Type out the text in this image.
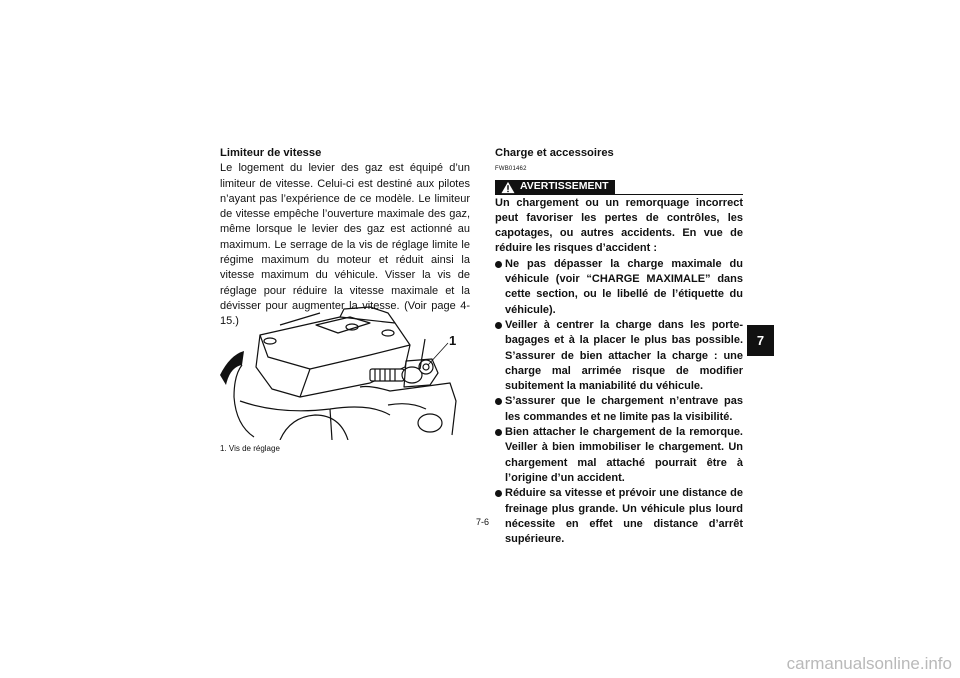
Limiteur de vitesse
Le logement du levier des gaz est équipé d’un limiteur de vitesse. Celui-ci est destiné aux pilotes n’ayant pas l’expérience de ce modèle. Le limiteur de vitesse empêche l’ouverture maximale des gaz, même lorsque le levier des gaz est actionné au maximum. Le serrage de la vis de réglage limite le régime maximum du moteur et réduit ainsi la vitesse maximum du véhicule. Visser la vis de réglage pour réduire la vitesse maximale et la dévisser pour augmenter la vitesse. (Voir page 4-15.)
1
1. Vis de réglage
Charge et accessoires
FWB01462
AVERTISSEMENT
Un chargement ou un remorquage incorrect peut favoriser les pertes de contrôles, les capotages, ou autres accidents. En vue de réduire les risques d’accident :
Ne pas dépasser la charge maximale du véhicule (voir “CHARGE MAXIMALE” dans cette section, ou le libellé de l’étiquette du véhicule).
Veiller à centrer la charge dans les porte-bagages et à la placer le plus bas possible. S’assurer de bien attacher la charge : une charge mal arrimée risque de modifier subitement la maniabilité du véhicule.
S’assurer que le chargement n’entrave pas les commandes et ne limite pas la visibilité.
Bien attacher le chargement de la remorque. Veiller à bien immobiliser le chargement. Un chargement mal attaché pourrait être à l’origine d’un accident.
Réduire sa vitesse et prévoir une distance de freinage plus grande. Un véhicule plus lourd nécessite en effet une distance d’arrêt supérieure.
7-6
7
carmanualsonline.info
